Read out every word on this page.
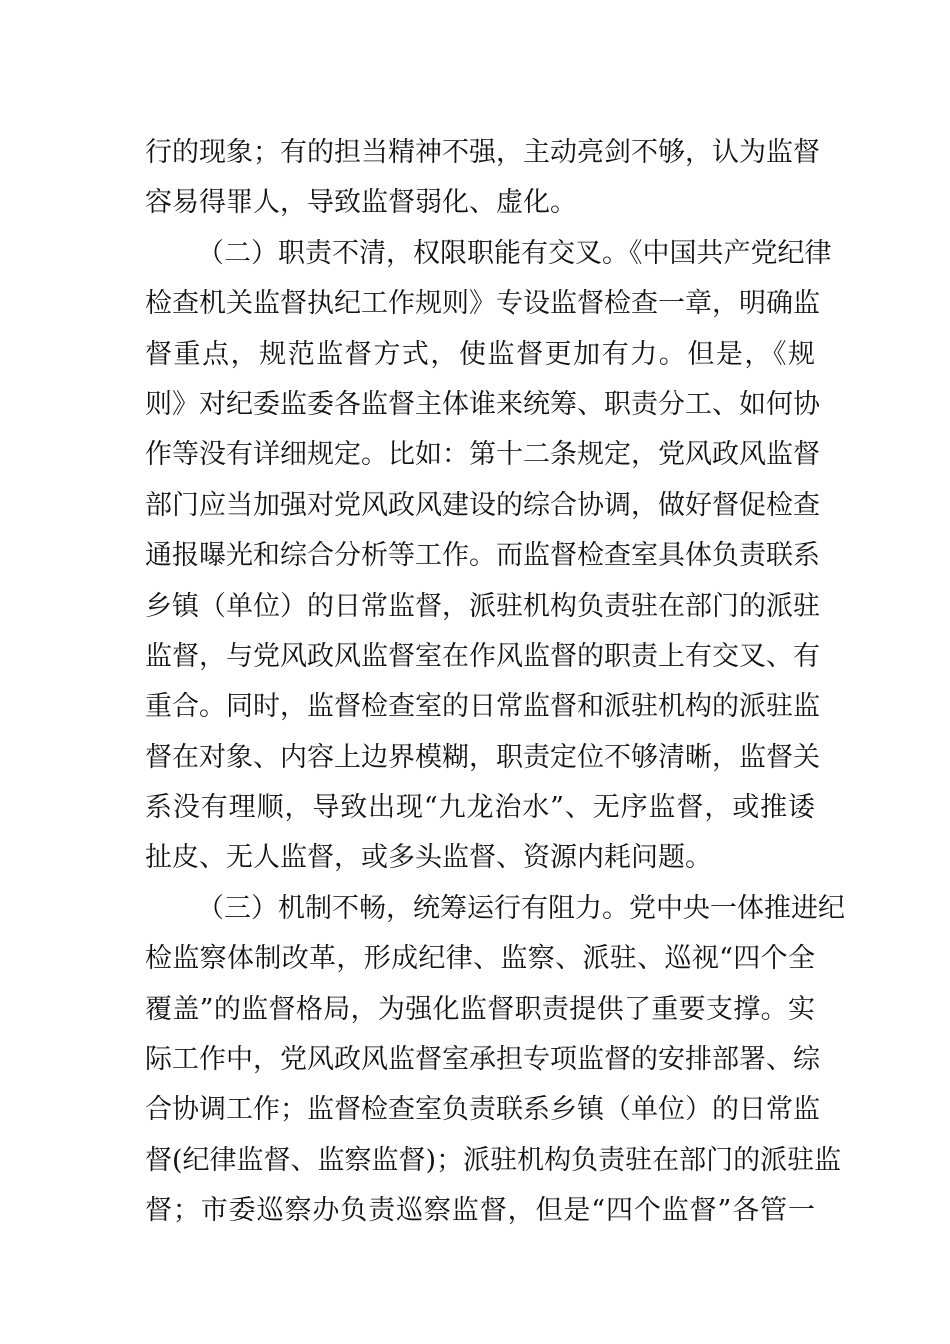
行的现象；有的担当精神不强，主动亮剑不够，认为监督
容易得罪人，导致监督弱化、虚化。
（二）职责不清，权限职能有交叉。《中国共产党纪律
检查机关监督执纪工作规则》专设监督检查一章，明确监
督重点，规范监督方式，使监督更加有力。但是，《规
则》对纪委监委各监督主体谁来统筹、职责分工、如何协
作等没有详细规定。比如：第十二条规定，党风政风监督
部门应当加强对党风政风建设的综合协调，做好督促检查
通报曝光和综合分析等工作。而监督检查室具体负责联系
乡镇（单位）的日常监督，派驻机构负责驻在部门的派驻
监督，与党风政风监督室在作风监督的职责上有交叉、有
重合。同时，监督检查室的日常监督和派驻机构的派驻监
督在对象、内容上边界模糊，职责定位不够清晰，监督关
系没有理顺，导致出现“九龙治水”、无序监督，或推诿
扯皮、无人监督，或多头监督、资源内耗问题。
（三）机制不畅，统筹运行有阻力。党中央一体推进纪
检监察体制改革，形成纪律、监察、派驻、巡视“四个全
覆盖”的监督格局，为强化监督职责提供了重要支撑。实
际工作中，党风政风监督室承担专项监督的安排部署、综
合协调工作；监督检查室负责联系乡镇（单位）的日常监
督(纪律监督、监察监督)；派驻机构负责驻在部门的派驻监
督；市委巡察办负责巡察监督，但是“四个监督”各管一
